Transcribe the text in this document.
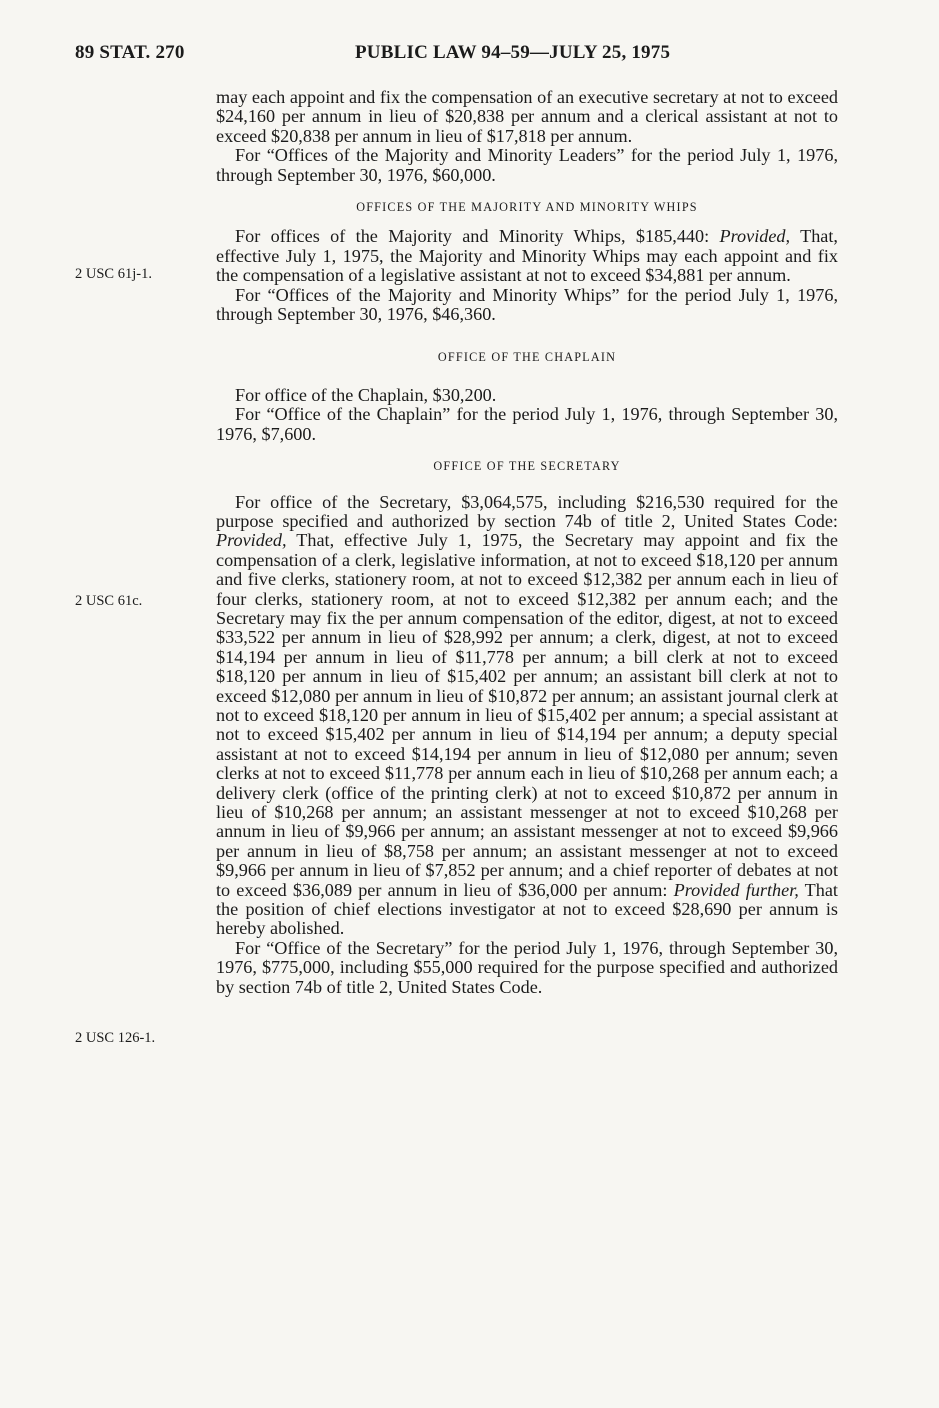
89 STAT. 270	PUBLIC LAW 94–59—JULY 25, 1975
2 USC 61j-1.
2 USC 61c.
2 USC 126-1.

may each appoint and fix the compensation of an executive secretary at not to exceed $24,160 per annum in lieu of $20,838 per annum and a clerical assistant at not to exceed $20,838 per annum in lieu of $17,818 per annum.

For “Offices of the Majority and Minority Leaders” for the period July 1, 1976, through September 30, 1976, $60,000.

OFFICES OF THE MAJORITY AND MINORITY WHIPS

For offices of the Majority and Minority Whips, $185,440: Provided, That, effective July 1, 1975, the Majority and Minority Whips may each appoint and fix the compensation of a legislative assistant at not to exceed $34,881 per annum.

For “Offices of the Majority and Minority Whips” for the period July 1, 1976, through September 30, 1976, $46,360.

OFFICE OF THE CHAPLAIN

For office of the Chaplain, $30,200.

For “Office of the Chaplain” for the period July 1, 1976, through September 30, 1976, $7,600.

OFFICE OF THE SECRETARY

For office of the Secretary, $3,064,575, including $216,530 required for the purpose specified and authorized by section 74b of title 2, United States Code: Provided, That, effective July 1, 1975, the Secretary may appoint and fix the compensation of a clerk, legislative information, at not to exceed $18,120 per annum and five clerks, stationery room, at not to exceed $12,382 per annum each in lieu of four clerks, stationery room, at not to exceed $12,382 per annum each; and the Secretary may fix the per annum compensation of the editor, digest, at not to exceed $33,522 per annum in lieu of $28,992 per annum; a clerk, digest, at not to exceed $14,194 per annum in lieu of $11,778 per annum; a bill clerk at not to exceed $18,120 per annum in lieu of $15,402 per annum; an assistant bill clerk at not to exceed $12,080 per annum in lieu of $10,872 per annum; an assistant journal clerk at not to exceed $18,120 per annum in lieu of $15,402 per annum; a special assistant at not to exceed $15,402 per annum in lieu of $14,194 per annum; a deputy special assistant at not to exceed $14,194 per annum in lieu of $12,080 per annum; seven clerks at not to exceed $11,778 per annum each in lieu of $10,268 per annum each; a delivery clerk (office of the printing clerk) at not to exceed $10,872 per annum in lieu of $10,268 per annum; an assistant messenger at not to exceed $10,268 per annum in lieu of $9,966 per annum; an assistant messenger at not to exceed $9,966 per annum in lieu of $8,758 per annum; an assistant messenger at not to exceed $9,966 per annum in lieu of $7,852 per annum; and a chief reporter of debates at not to exceed $36,089 per annum in lieu of $36,000 per annum: Provided further, That the position of chief elections investigator at not to exceed $28,690 per annum is hereby abolished.

For “Office of the Secretary” for the period July 1, 1976, through September 30, 1976, $775,000, including $55,000 required for the purpose specified and authorized by section 74b of title 2, United States Code.
